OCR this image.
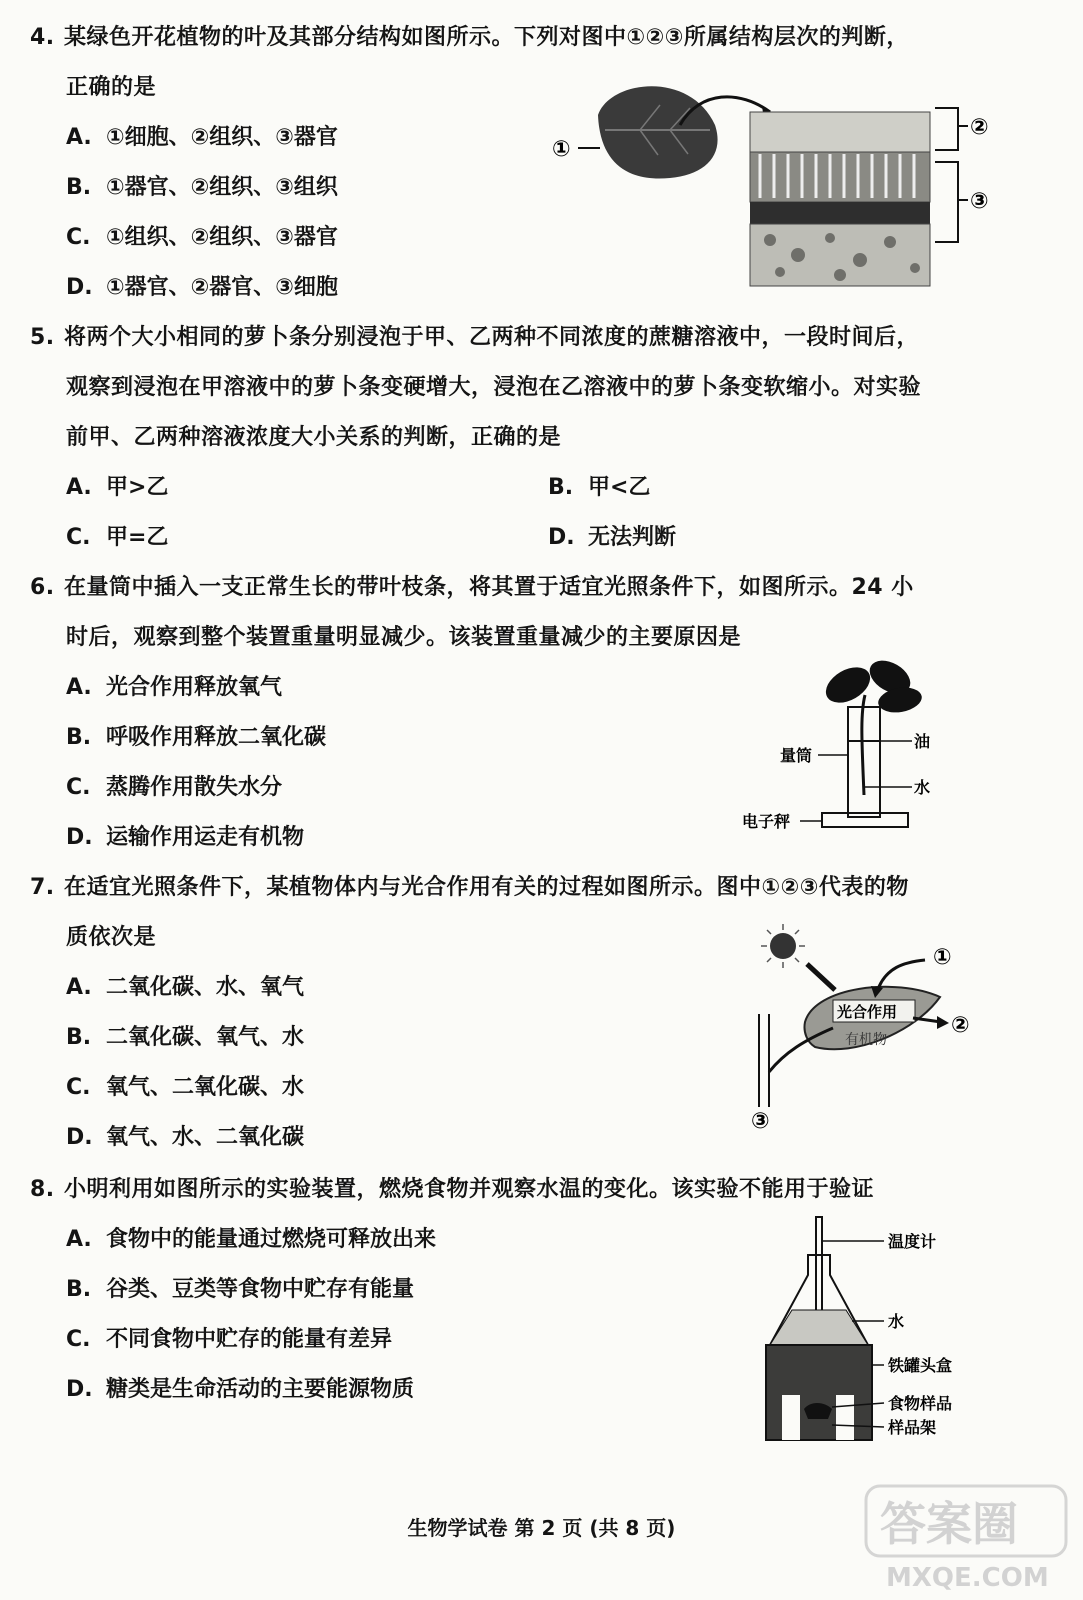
4. 某绿色开花植物的叶及其部分结构如图所示。下列对图中①②③所属结构层次的判断，
正确的是
A. ①细胞、②组织、③器官
B. ①器官、②组织、③组织
C. ①组织、②组织、③器官
D. ①器官、②器官、③细胞
①
②
③
5. 将两个大小相同的萝卜条分别浸泡于甲、乙两种不同浓度的蔗糖溶液中，一段时间后，
观察到浸泡在甲溶液中的萝卜条变硬增大，浸泡在乙溶液中的萝卜条变软缩小。对实验
前甲、乙两种溶液浓度大小关系的判断，正确的是
A. 甲>乙	B. 甲<乙
C. 甲=乙	D. 无法判断
6. 在量筒中插入一支正常生长的带叶枝条，将其置于适宜光照条件下，如图所示。24 小
时后，观察到整个装置重量明显减少。该装置重量减少的主要原因是
A. 光合作用释放氧气
B. 呼吸作用释放二氧化碳
C. 蒸腾作用散失水分
D. 运输作用运走有机物
油
水
量筒
电子秤
7. 在适宜光照条件下，某植物体内与光合作用有关的过程如图所示。图中①②③代表的物
质依次是
A. 二氧化碳、水、氧气
B. 二氧化碳、氧气、水
C. 氧气、二氧化碳、水
D. 氧气、水、二氧化碳
光合作用
有机物
①
②
③
8. 小明利用如图所示的实验装置，燃烧食物并观察水温的变化。该实验不能用于验证
A. 食物中的能量通过燃烧可释放出来
B. 谷类、豆类等食物中贮存有能量
C. 不同食物中贮存的能量有差异
D. 糖类是生命活动的主要能源物质
温度计
水
铁罐头盒
食物样品
样品架
生物学试卷 第 2 页 (共 8 页)	答案圈
MXQE.COM
